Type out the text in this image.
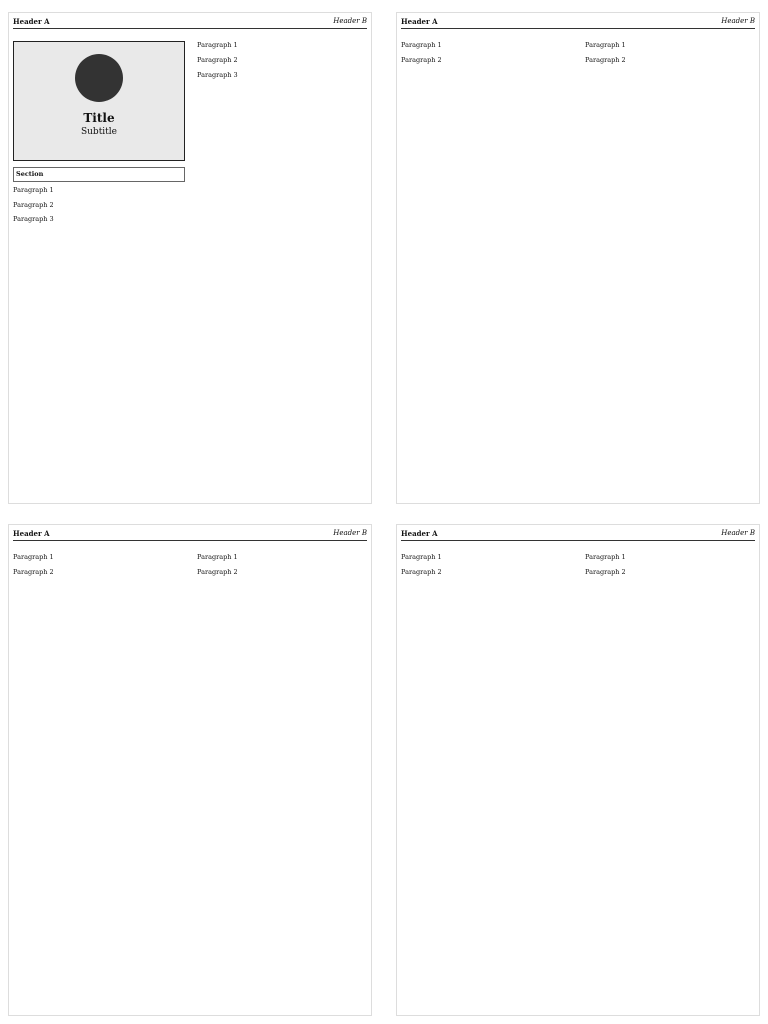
Header A	Header B
Title
Subtitle
Section

Paragraph 1

Paragraph 2

Paragraph 3

Paragraph 1

Paragraph 2

Paragraph 3

Header A	Header B

Paragraph 1

Paragraph 2

Paragraph 1

Paragraph 2

Header A	Header B

Paragraph 1

Paragraph 2

Paragraph 1

Paragraph 2

Header A	Header B

Paragraph 1

Paragraph 2

Paragraph 1

Paragraph 2
